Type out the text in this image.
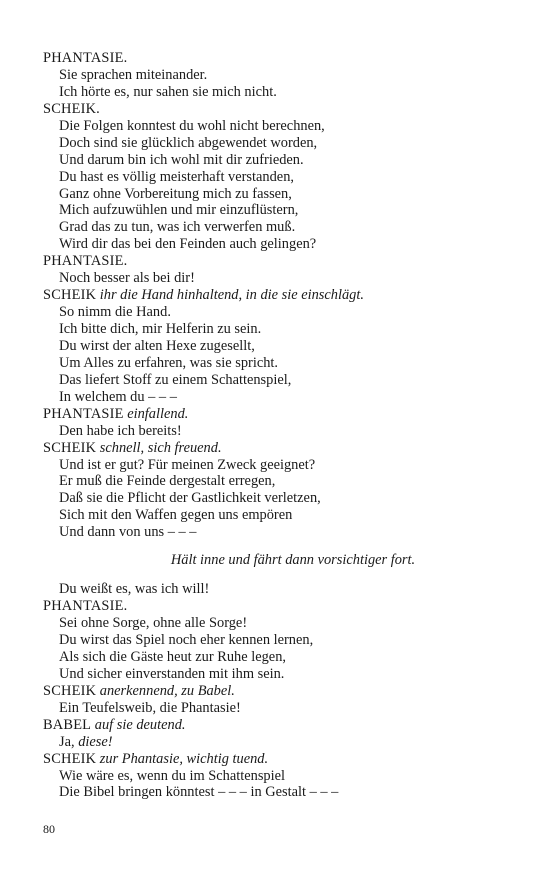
PHANTASIE.
Sie sprachen miteinander.
Ich hörte es, nur sahen sie mich nicht.
SCHEIK.
Die Folgen konntest du wohl nicht berechnen,
Doch sind sie glücklich abgewendet worden,
Und darum bin ich wohl mit dir zufrieden.
Du hast es völlig meisterhaft verstanden,
Ganz ohne Vorbereitung mich zu fassen,
Mich aufzuwühlen und mir einzuflüstern,
Grad das zu tun, was ich verwerfen muß.
Wird dir das bei den Feinden auch gelingen?
PHANTASIE.
Noch besser als bei dir!
SCHEIK ihr die Hand hinhaltend, in die sie einschlägt.
So nimm die Hand.
Ich bitte dich, mir Helferin zu sein.
Du wirst der alten Hexe zugesellt,
Um Alles zu erfahren, was sie spricht.
Das liefert Stoff zu einem Schattenspiel,
In welchem du – – –
PHANTASIE einfallend.
Den habe ich bereits!
SCHEIK schnell, sich freuend.
Und ist er gut? Für meinen Zweck geeignet?
Er muß die Feinde dergestalt erregen,
Daß sie die Pflicht der Gastlichkeit verletzen,
Sich mit den Waffen gegen uns empören
Und dann von uns – – –
Hält inne und fährt dann vorsichtiger fort.
Du weißt es, was ich will!
PHANTASIE.
Sei ohne Sorge, ohne alle Sorge!
Du wirst das Spiel noch eher kennen lernen,
Als sich die Gäste heut zur Ruhe legen,
Und sicher einverstanden mit ihm sein.
SCHEIK anerkennend, zu Babel.
Ein Teufelsweib, die Phantasie!
BABEL auf sie deutend.
Ja, diese!
SCHEIK zur Phantasie, wichtig tuend.
Wie wäre es, wenn du im Schattenspiel
Die Bibel bringen könntest – – – in Gestalt – – –
80
